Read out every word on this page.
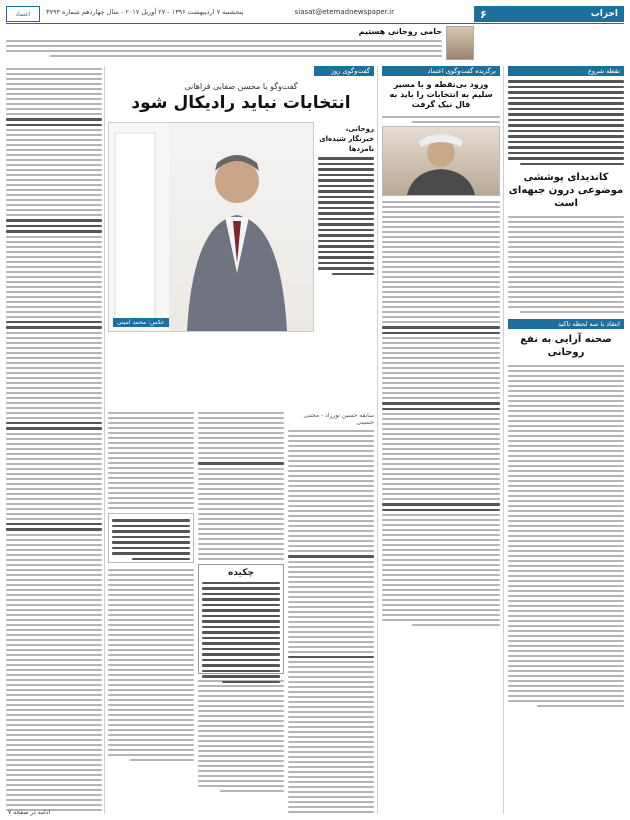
احزاب
۶
siasat@etemadnewspaper.ir
پنجشنبه ۷ اردیبهشت ۱۳۹۶ - ۲۷ آوریل ۲۰۱۷ - سال چهاردهم شماره ۳۷۹۴
اعتماد
حامی روحانی هستیم
نقطه شروع
کاندیدای پوششی موضوعی درون جبهه‌ای است
انتقاد با سه لحظه تاکید
صحنه آرایی به نفع روحانی
برگزیده گفت‌وگوی اعتماد
ورود بی‌نقطه و با مسیر سلیم به انتخابات را باید به فال نیک گرفت
گفت‌وگوی روز
گفت‌وگو با محسن صفایی فراهانی
انتخابات نباید رادیکال شود
روحانی، خبرنگار شیده‌ای نامزدها
عکس: محمد امینی
سابقه حسین نورزاد - مجتبی حسینی
چکیده
ادامه در صفحه ۷
